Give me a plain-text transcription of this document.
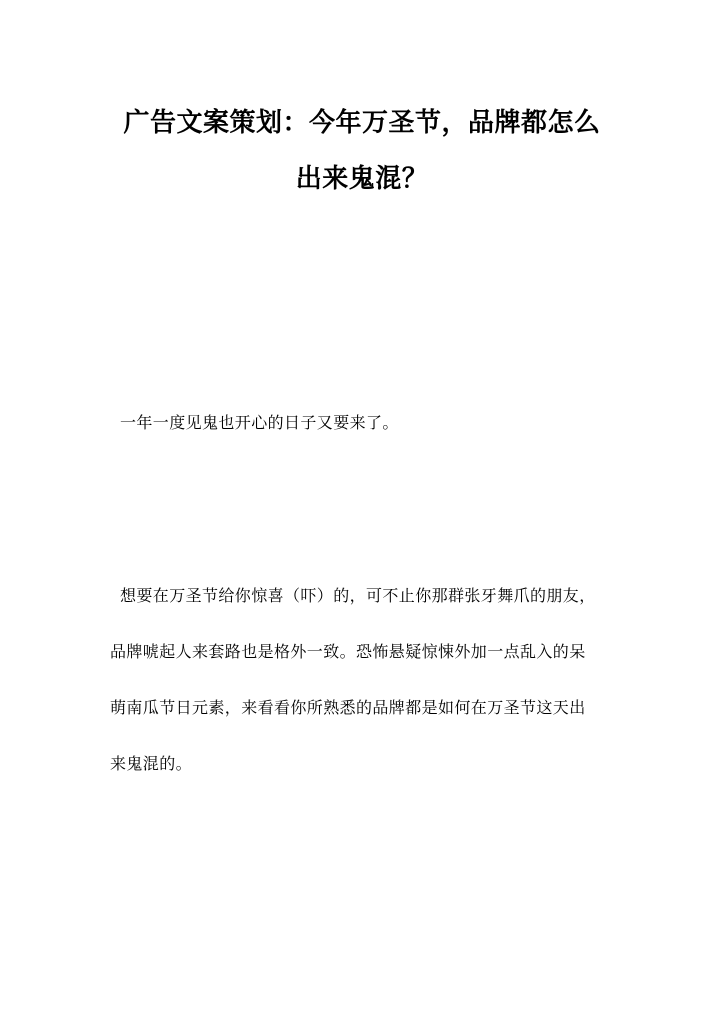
广告文案策划：今年万圣节，品牌都怎么
出来鬼混？
一年一度见鬼也开心的日子又要来了。
想要在万圣节给你惊喜（吓）的，可不止你那群张牙舞爪的朋友，
品牌唬起人来套路也是格外一致。恐怖悬疑惊悚外加一点乱入的呆
萌南瓜节日元素，来看看你所熟悉的品牌都是如何在万圣节这天出
来鬼混的。
